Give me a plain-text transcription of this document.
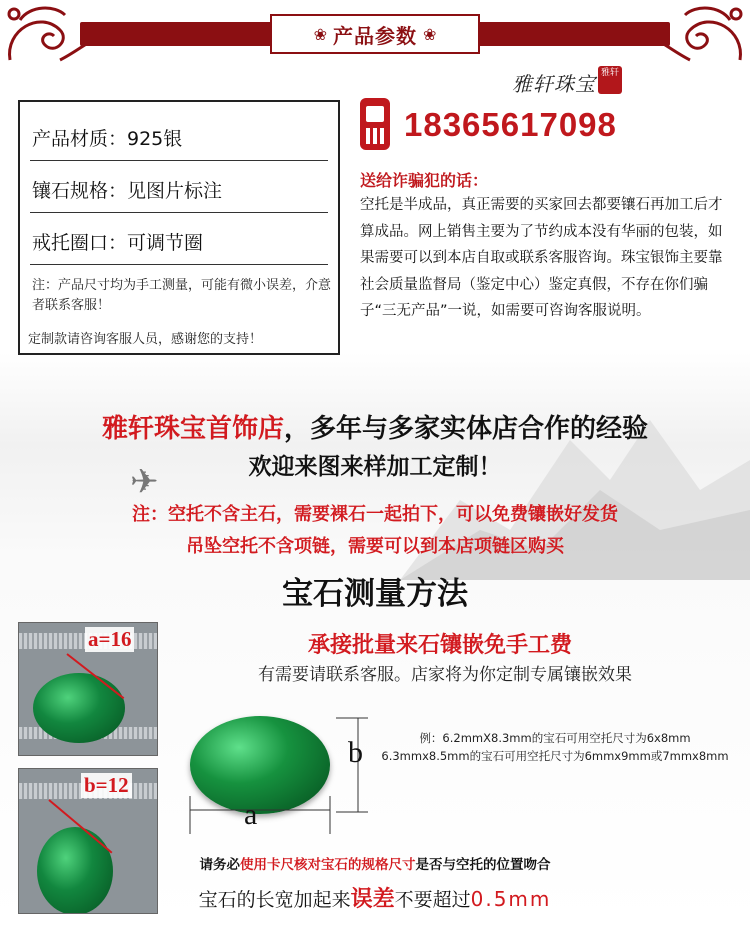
❀ 产品参数 ❀
雅轩珠宝 雅轩
产品材质：925银
镶石规格：见图片标注
戒托圈口：可调节圈
注：产品尺寸均为手工测量，可能有微小误差，介意者联系客服！
定制款请咨询客服人员，感谢您的支持！
18365617098
送给诈骗犯的话：
空托是半成品，真正需要的买家回去都要镶石再加工后才算成品。网上销售主要为了节约成本没有华丽的包装，如果需要可以到本店自取或联系客服咨询。珠宝银饰主要靠社会质量监督局（鉴定中心）鉴定真假，不存在你们骗子“三无产品”一说，如需要可咨询客服说明。
✈
雅轩珠宝首饰店，多年与多家实体店合作的经验
欢迎来图来样加工定制！
注：空托不含主石，需要裸石一起拍下，可以免费镶嵌好发货
吊坠空托不含项链，需要可以到本店项链区购买
宝石测量方法
a=16
b=12
承接批量来石镶嵌免手工费
有需要请联系客服。店家将为你定制专属镶嵌效果
a
b	例：6.2mmX8.3mm的宝石可用空托尺寸为6x8mm 6.3mmx8.5mm的宝石可用空托尺寸为6mmx9mm或7mmx8mm
请务必使用卡尺核对宝石的规格尺寸是否与空托的位置吻合
宝石的长宽加起来误差不要超过0.5mm
